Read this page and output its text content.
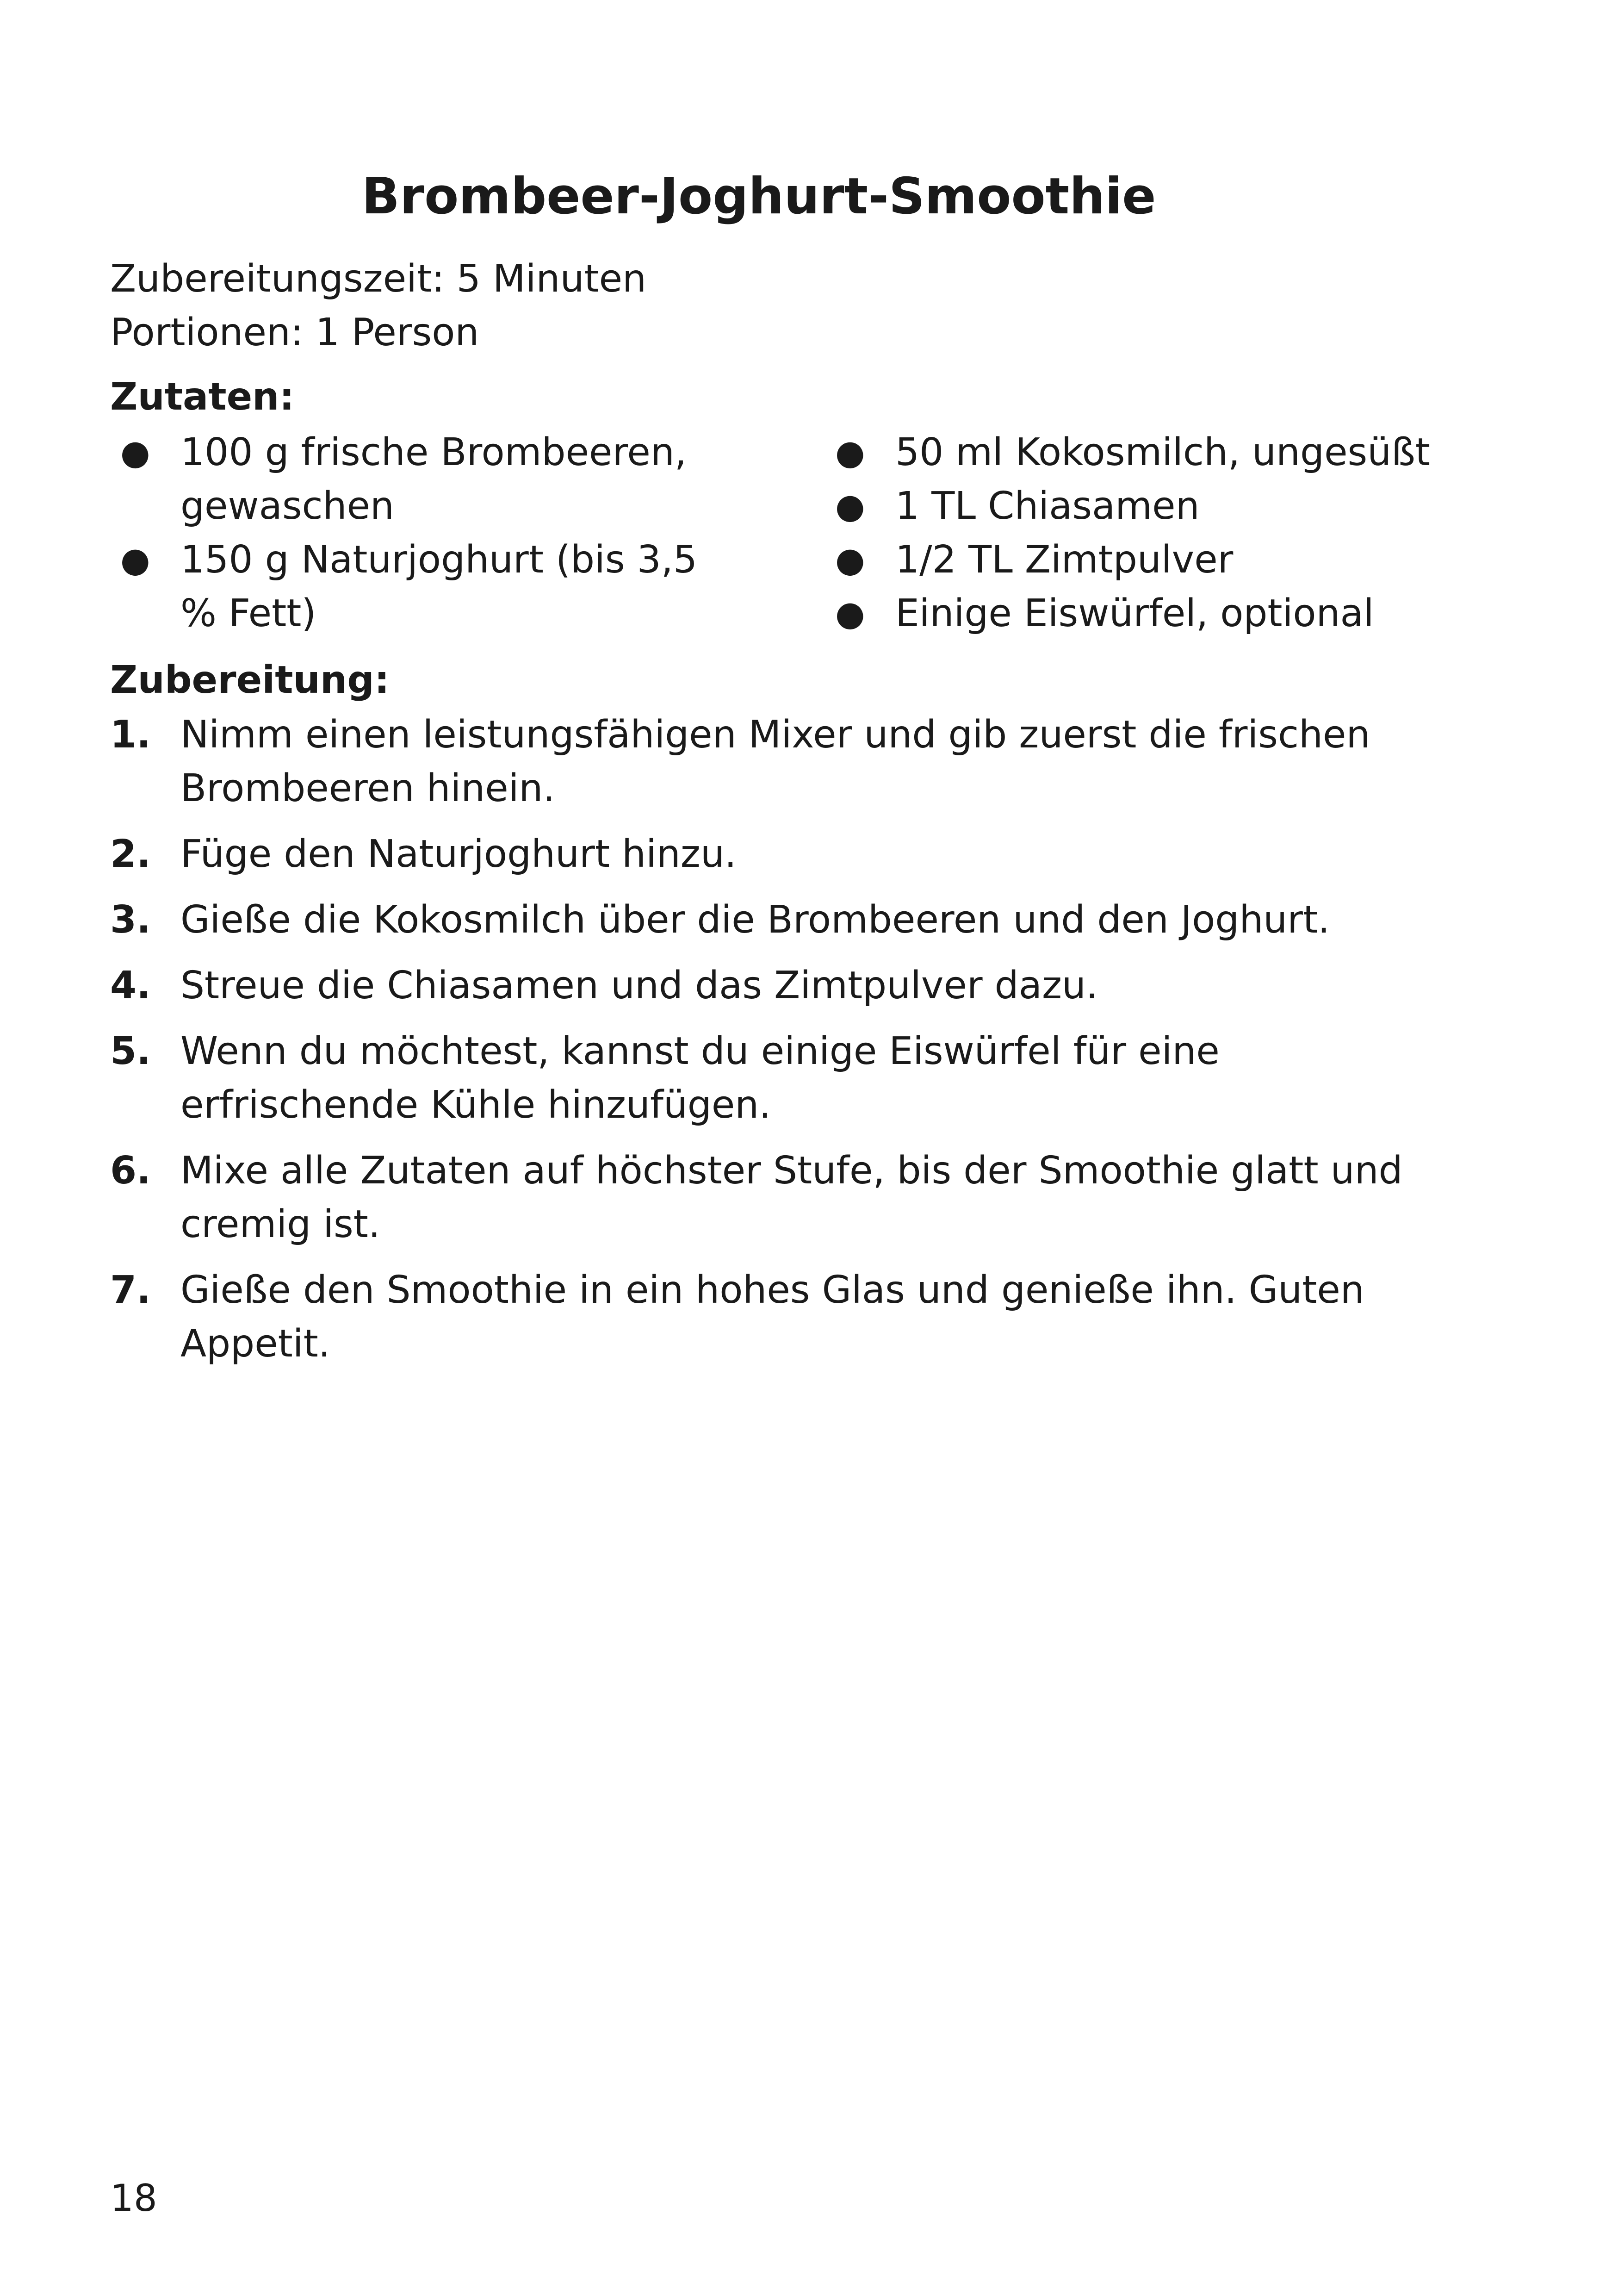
Brombeer-Joghurt-Smoothie
Zubereitungszeit: 5 Minuten
Portionen: 1 Person
Zutaten:
● 100 g frische Brombeeren, gewaschen
● 150 g Naturjoghurt (bis 3,5 % Fett)
● 50 ml Kokosmilch, ungesüßt
● 1 TL Chiasamen
● 1/2 TL Zimtpulver
● Einige Eiswürfel, optional
Zubereitung:
1. Nimm einen leistungsfähigen Mixer und gib zuerst die frischen Brombeeren hinein.
2. Füge den Naturjoghurt hinzu.
3. Gieße die Kokosmilch über die Brombeeren und den Joghurt.
4. Streue die Chiasamen und das Zimtpulver dazu.
5. Wenn du möchtest, kannst du einige Eiswürfel für eine erfrischende Kühle hinzufügen.
6. Mixe alle Zutaten auf höchster Stufe, bis der Smoothie glatt und cremig ist.
7. Gieße den Smoothie in ein hohes Glas und genieße ihn. Guten Appetit.
18
